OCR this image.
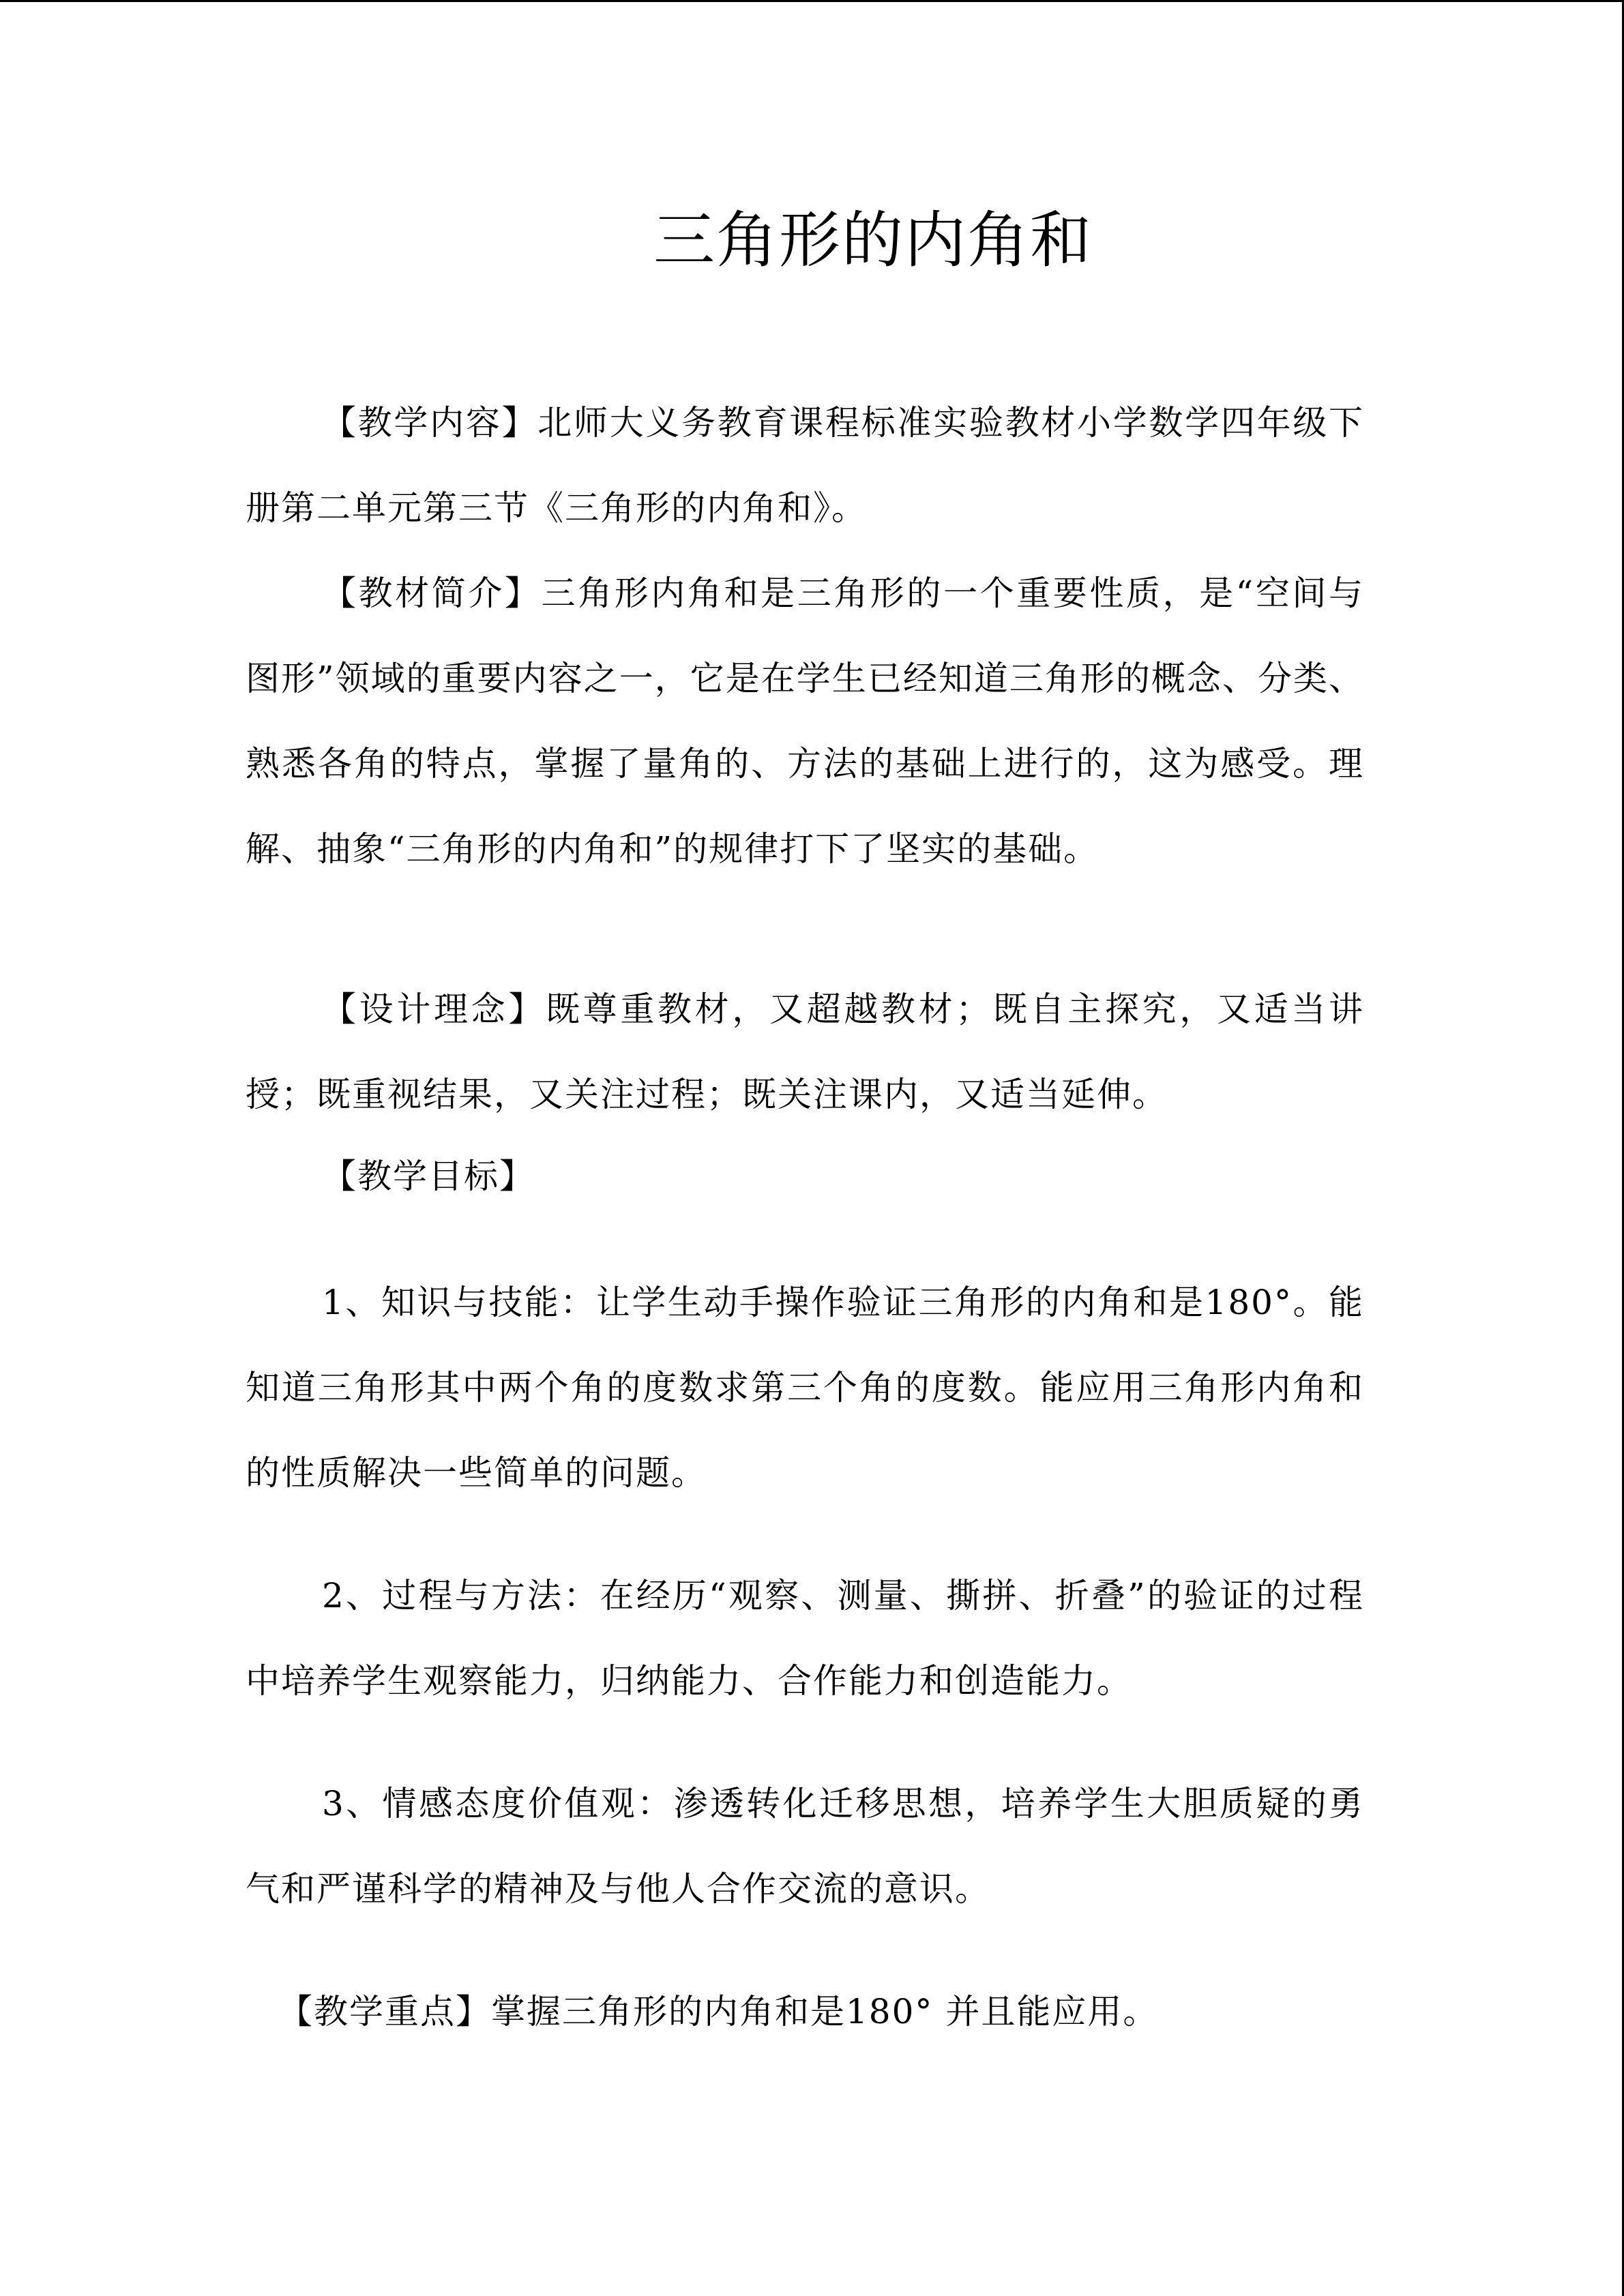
三角形的内角和

【教学内容】北师大义务教育课程标准实验教材小学数学四年级下册第二单元第三节《三角形的内角和》。

【教材简介】三角形内角和是三角形的一个重要性质，是“空间与图形”领域的重要内容之一，它是在学生已经知道三角形的概念、分类、熟悉各角的特点，掌握了量角的、方法的基础上进行的，这为感受。理解、抽象“三角形的内角和”的规律打下了坚实的基础。

【设计理念】既尊重教材，又超越教材；既自主探究，又适当讲授；既重视结果，又关注过程；既关注课内，又适当延伸。

【教学目标】

1、知识与技能：让学生动手操作验证三角形的内角和是180°。能知道三角形其中两个角的度数求第三个角的度数。能应用三角形内角和的性质解决一些简单的问题。

2、过程与方法：在经历“观察、测量、撕拼、折叠”的验证的过程中培养学生观察能力，归纳能力、合作能力和创造能力。

3、情感态度价值观：渗透转化迁移思想，培养学生大胆质疑的勇气和严谨科学的精神及与他人合作交流的意识。

【教学重点】掌握三角形的内角和是180° 并且能应用。
